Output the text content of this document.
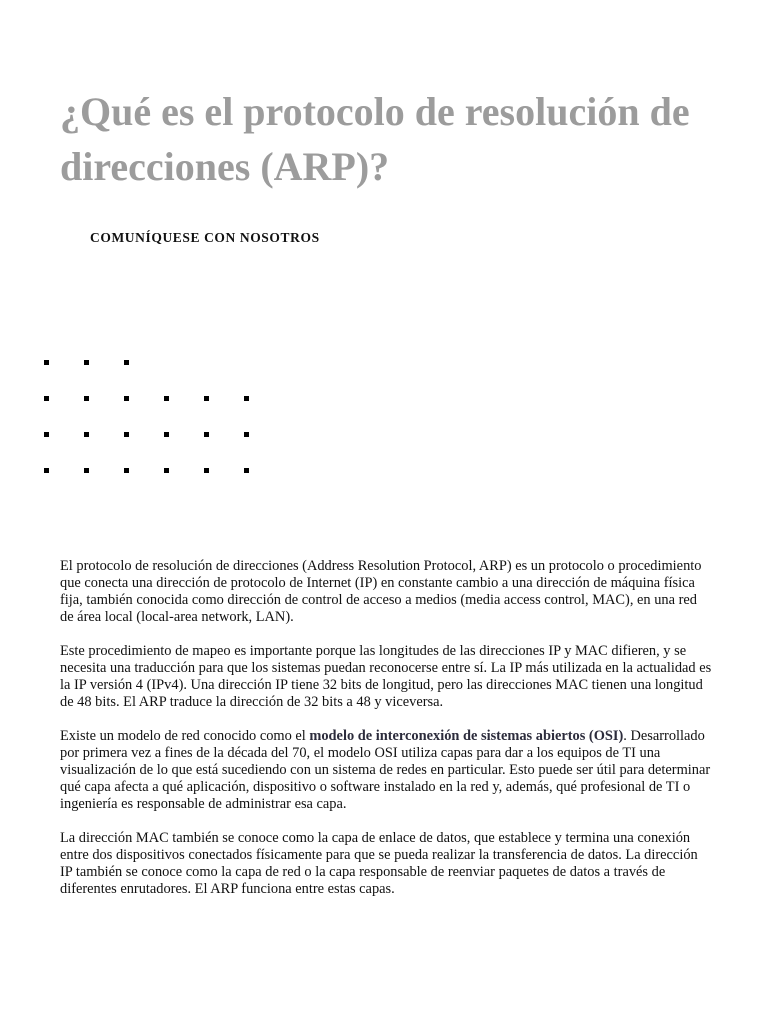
¿Qué es el protocolo de resolución de direcciones (ARP)?
COMUNÍQUESE CON NOSOTROS

El protocolo de resolución de direcciones (Address Resolution Protocol, ARP) es un protocolo o procedimiento que conecta una dirección de protocolo de Internet (IP) en constante cambio a una dirección de máquina física fija, también conocida como dirección de control de acceso a medios (media access control, MAC), en una red de área local (local-area network, LAN).

Este procedimiento de mapeo es importante porque las longitudes de las direcciones IP y MAC difieren, y se necesita una traducción para que los sistemas puedan reconocerse entre sí. La IP más utilizada en la actualidad es la IP versión 4 (IPv4). Una dirección IP tiene 32 bits de longitud, pero las direcciones MAC tienen una longitud de 48 bits. El ARP traduce la dirección de 32 bits a 48 y viceversa.

Existe un modelo de red conocido como el modelo de interconexión de sistemas abiertos (OSI). Desarrollado por primera vez a fines de la década del 70, el modelo OSI utiliza capas para dar a los equipos de TI una visualización de lo que está sucediendo con un sistema de redes en particular. Esto puede ser útil para determinar qué capa afecta a qué aplicación, dispositivo o software instalado en la red y, además, qué profesional de TI o ingeniería es responsable de administrar esa capa.

La dirección MAC también se conoce como la capa de enlace de datos, que establece y termina una conexión entre dos dispositivos conectados físicamente para que se pueda realizar la transferencia de datos. La dirección IP también se conoce como la capa de red o la capa responsable de reenviar paquetes de datos a través de diferentes enrutadores. El ARP funciona entre estas capas.
